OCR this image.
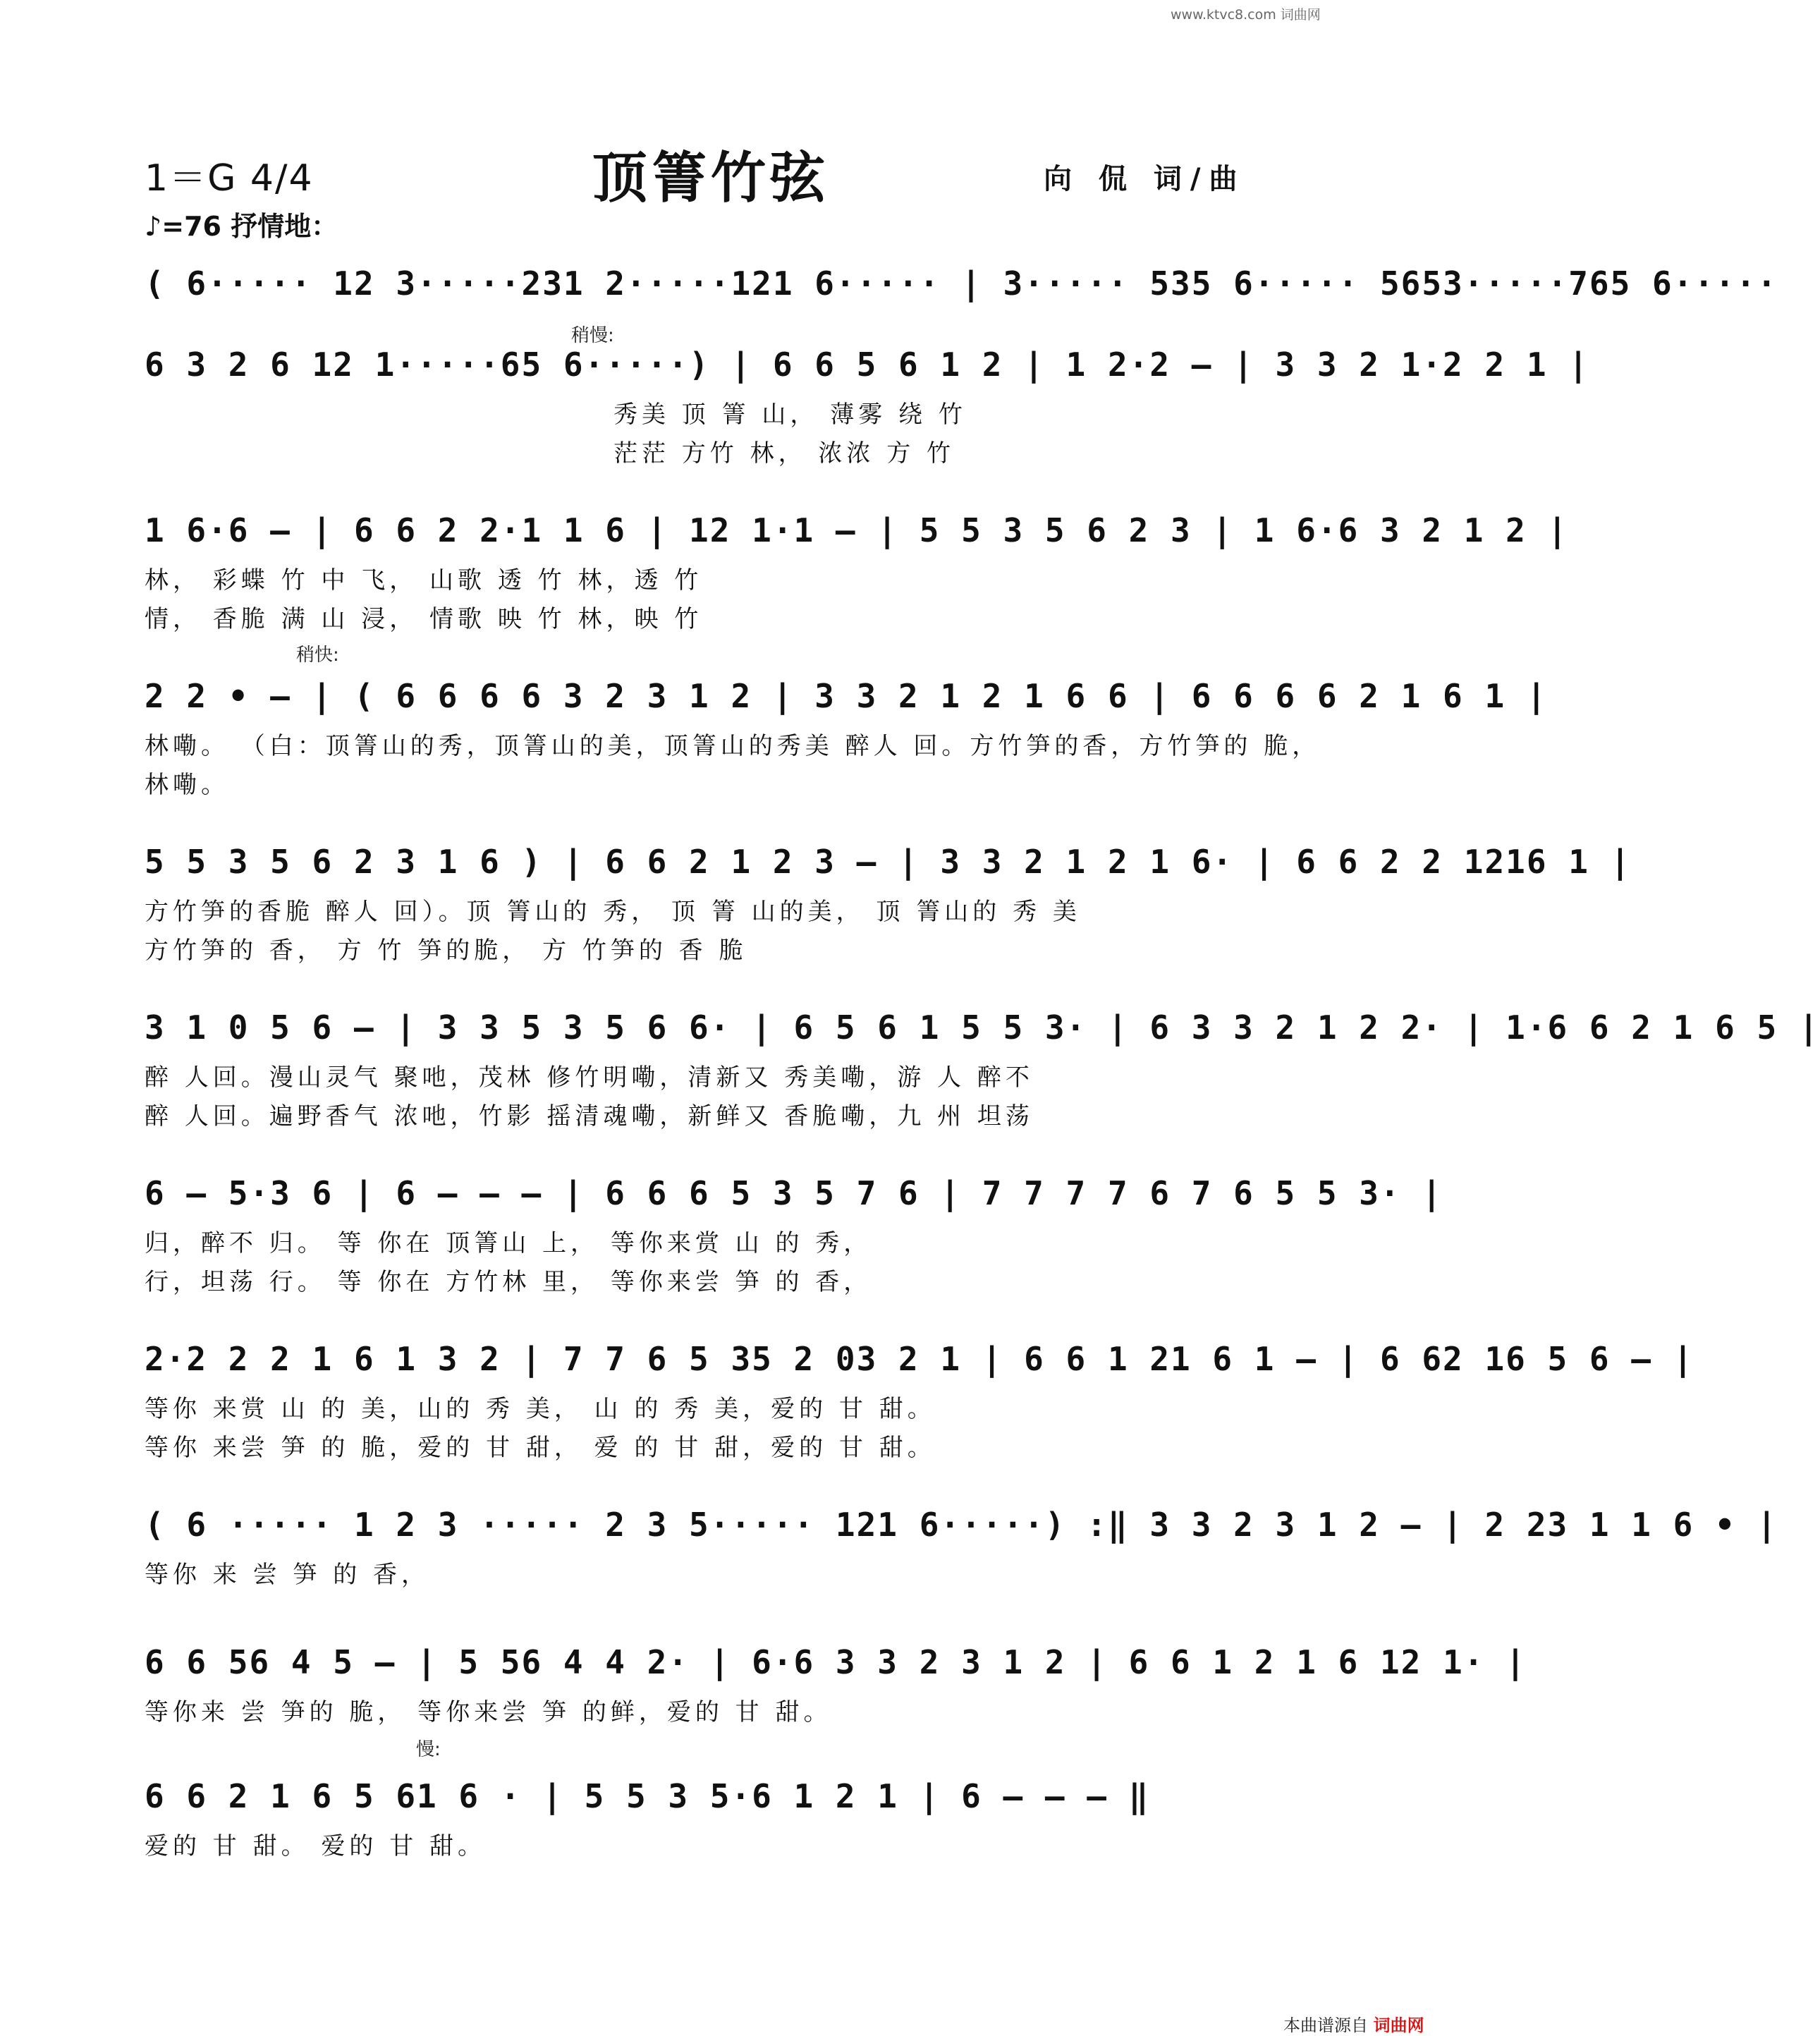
www.ktvc8.com 词曲网
1＝G 4/4
♪=76 抒情地：
顶箐竹弦	向 侃 词/曲
稍慢:
稍快:
慢:
( 6····· 12 3·····231 2·····121 6····· | 3····· 535 6····· 5653·····765 6·····
6 3 2 6 12 1·····65 6·····) | 6 6 5 6 1 2 | 1 2·2 — | 3 3 2 1·2 2 1 |
秀美 顶 箐 山， 薄雾 绕 竹
茫茫 方竹 林， 浓浓 方 竹
1 6·6 — | 6 6 2 2·1 1 6 | 12 1·1 — | 5 5 3 5 6 2 3 | 1 6·6 3 2 1 2 |
林， 彩蝶 竹 中 飞， 山歌 透 竹 林，透 竹
情， 香脆 满 山 浸， 情歌 映 竹 林，映 竹
2 2 • — | ( 6 6 6 6 3 2 3 1 2 | 3 3 2 1 2 1 6 6 | 6 6 6 6 2 1 6 1 |
林嘞。 （白：顶箐山的秀，顶箐山的美，顶箐山的秀美 醉人 回。方竹笋的香，方竹笋的 脆，
林嘞。
5 5 3 5 6 2 3 1 6 ) | 6 6 2 1 2 3 — | 3 3 2 1 2 1 6· | 6 6 2 2 1216 1 |
方竹笋的香脆 醉人 回）。顶 箐山的 秀， 顶 箐 山的美， 顶 箐山的 秀 美
方竹笋的 香， 方 竹 笋的脆， 方 竹笋的 香 脆
3 1 0 5 6 — | 3 3 5 3 5 6 6· | 6 5 6 1 5 5 3· | 6 3 3 2 1 2 2· | 1·6 6 2 1 6 5 |
醉 人回。漫山灵气 聚吔，茂林 修竹明嘞，清新又 秀美嘞，游 人 醉不
醉 人回。遍野香气 浓吔，竹影 摇清魂嘞，新鲜又 香脆嘞，九 州 坦荡
6 — 5·3 6 | 6 — — — | 6 6 6 5 3 5 7 6 | 7 7 7 7 6 7 6 5 5 3· |
归，醉不 归。 等 你在 顶箐山 上， 等你来赏 山 的 秀，
行，坦荡 行。 等 你在 方竹林 里， 等你来尝 笋 的 香，
2·2 2 2 1 6 1 3 2 | 7 7 6 5 35 2 03 2 1 | 6 6 1 21 6 1 — | 6 62 16 5 6 — |
等你 来赏 山 的 美，山的 秀 美， 山 的 秀 美，爱的 甘 甜。
等你 来尝 笋 的 脆，爱的 甘 甜， 爱 的 甘 甜，爱的 甘 甜。
( 6 ····· 1 2 3 ····· 2 3 5····· 121 6·····) :‖ 3 3 2 3 1 2 — | 2 23 1 1 6 • |
等你 来 尝 笋 的 香，
6 6 56 4 5 — | 5 56 4 4 2· | 6·6 3 3 2 3 1 2 | 6 6 1 2 1 6 12 1· |
等你来 尝 笋的 脆， 等你来尝 笋 的鲜，爱的 甘 甜。
6 6 2 1 6 5 61 6 · | 5 5 3 5·6 1 2 1 | 6 — — — ‖
爱的 甘 甜。 爱的 甘 甜。
本曲谱源自 词曲网
